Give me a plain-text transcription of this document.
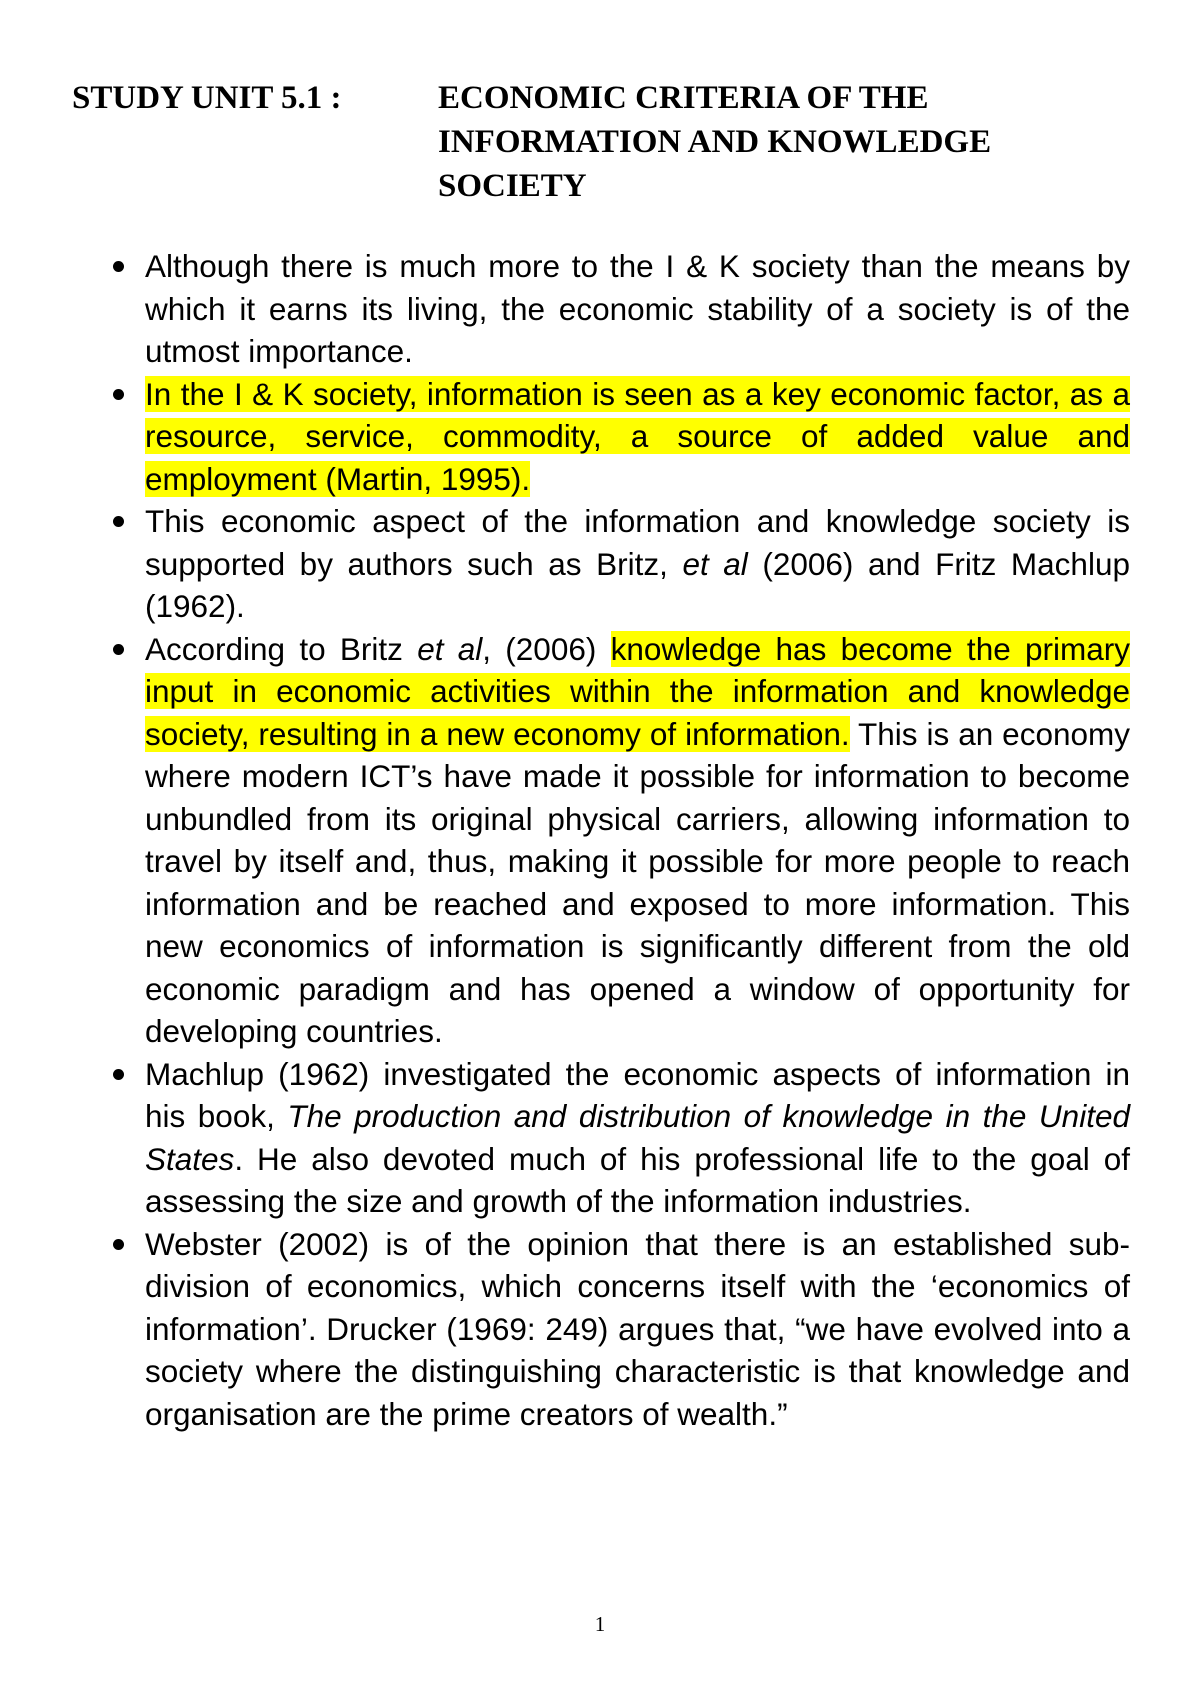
STUDY UNIT 5.1 :	ECONOMIC CRITERIA OF THE
INFORMATION AND KNOWLEDGE
SOCIETY
Although there is much more to the I & K society than the means by which it earns its living, the economic stability of a society is of the utmost importance.
In the I & K society, information is seen as a key economic factor, as a resource, service, commodity, a source of added value and employment (Martin, 1995).
This economic aspect of the information and knowledge society is supported by authors such as Britz, et al (2006) and Fritz Machlup (1962).
According to Britz et al, (2006) knowledge has become the primary input in economic activities within the information and knowledge society, resulting in a new economy of information. This is an economy where modern ICT’s have made it possible for information to become unbundled from its original physical carriers, allowing information to travel by itself and, thus, making it possible for more people to reach information and be reached and exposed to more information. This new economics of information is significantly different from the old economic paradigm and has opened a window of opportunity for developing countries.
Machlup (1962) investigated the economic aspects of information in his book, The production and distribution of knowledge in the United States. He also devoted much of his professional life to the goal of assessing the size and growth of the information industries.
Webster (2002) is of the opinion that there is an established sub-division of economics, which concerns itself with the ‘economics of information’. Drucker (1969: 249) argues that, “we have evolved into a society where the distinguishing characteristic is that knowledge and organisation are the prime creators of wealth.”
1
